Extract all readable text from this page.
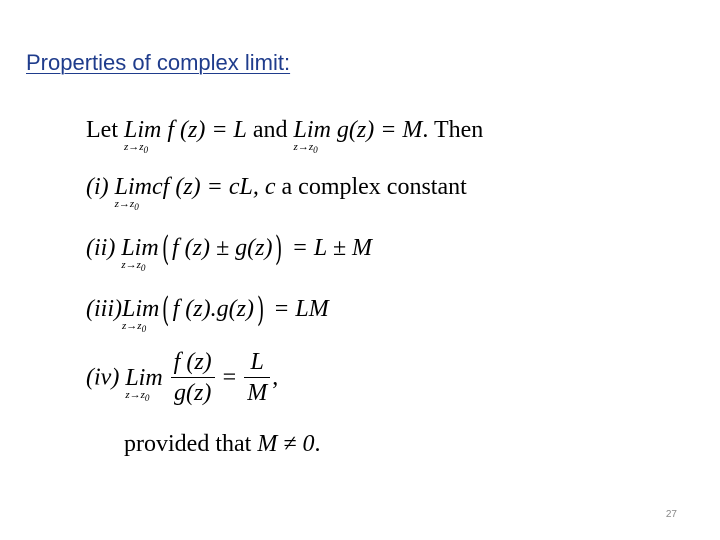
Properties of complex limit:
Let Lim
$z\to z_0$
f (z) = L and Lim
$z\to z_0$
g(z) = M. Then
(i) Lim
$z\to z_0$
cf (z) = cL, c a complex constant
(ii) Lim
$z\to z_0$ ( f (z) ± g(z)) = L ± M
(iii)Lim
$z\to z_0$ ( f (z).g(z)) = LM
(iv) Lim
$z\to z_0$
$\frac{f (z)}{g(z)} = \frac{L}{M}$ ,
provided that M ≠ 0.
27
